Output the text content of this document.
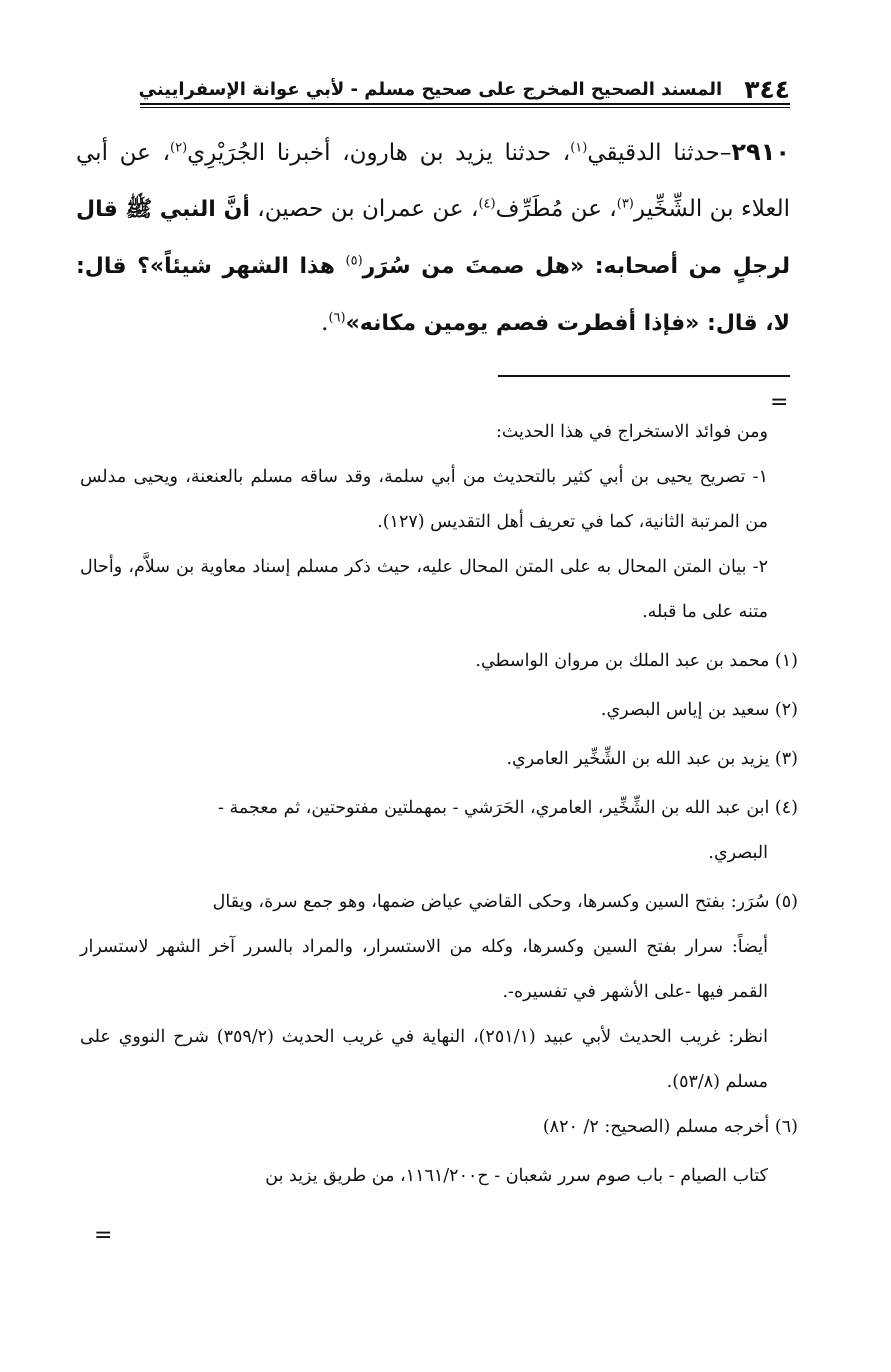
٣٤٤
المسند الصحيح المخرج على صحيح مسلم - لأبي عوانة الإسفراييني
٢٩١٠–حدثنا الدقيقي$^{(١)}$، حدثنا يزيد بن هارون، أخبرنا الجُرَيْرِي$^{(٢)}$، عن أبي العلاء بن الشِّخِّير$^{(٣)}$، عن مُطَرِّف$^{(٤)}$، عن عمران بن حصين، أنَّ النبي ﷺ قال لرجلٍ من أصحابه: «هل صمتَ من سُرَر$^{(٥)}$ هذا الشهر شيئاً»؟ قال: لا، قال: «فإذا أفطرت فصم يومين مكانه»$^{(٦)}$.
=

ومن فوائد الاستخراج في هذا الحديث:

١- تصريح يحيى بن أبي كثير بالتحديث من أبي سلمة، وقد ساقه مسلم بالعنعنة، ويحيى مدلس من المرتبة الثانية، كما في تعريف أهل التقديس (١٢٧).

٢- بيان المتن المحال به على المتن المحال عليه، حيث ذكر مسلم إسناد معاوية بن سلاَّم، وأحال متنه على ما قبله.

(١) محمد بن عبد الملك بن مروان الواسطي.

(٢) سعيد بن إياس البصري.

(٣) يزيد بن عبد الله بن الشِّخِّير العامري.

(٤) ابن عبد الله بن الشِّخِّير، العامري، الحَرَشي - بمهملتين مفتوحتين، ثم معجمة -
البصري.

(٥) سُرَر: بفتح السين وكسرها، وحكى القاضي عياض ضمها، وهو جمع سرة، ويقال

أيضاً: سرار بفتح السين وكسرها، وكله من الاستسرار، والمراد بالسرر آخر الشهر لاستسرار القمر فيها -على الأشهر في تفسيره-.

انظر: غريب الحديث لأبي عبيد (٢٥١/١)، النهاية في غريب الحديث (٣٥٩/٢) شرح النووي على مسلم (٥٣/٨).

(٦) أخرجه مسلم (الصحيح: ٢/ ٨٢٠)

كتاب الصيام - باب صوم سرر شعبان - ح١١٦١/٢٠٠، من طريق يزيد بن

=
